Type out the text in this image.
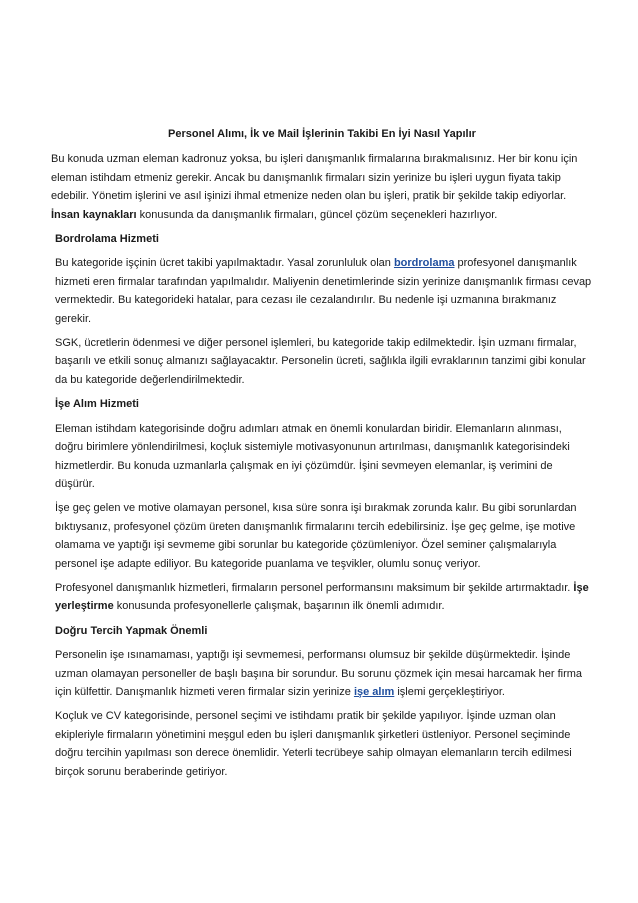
Personel Alımı, İk ve Mail İşlerinin Takibi En İyi Nasıl Yapılır

Bu konuda uzman eleman kadronuz yoksa, bu işleri danışmanlık firmalarına bırakmalısınız. Her bir konu için eleman istihdam etmeniz gerekir. Ancak bu danışmanlık firmaları sizin yerinize bu işleri uygun fiyata takip edebilir. Yönetim işlerini ve asıl işinizi ihmal etmenize neden olan bu işleri, pratik bir şekilde takip ediyorlar. İnsan kaynakları konusunda da danışmanlık firmaları, güncel çözüm seçenekleri hazırlıyor.

Bordrolama Hizmeti

Bu kategoride işçinin ücret takibi yapılmaktadır. Yasal zorunluluk olan bordrolama profesyonel danışmanlık hizmeti eren firmalar tarafından yapılmalıdır. Maliyenin denetimlerinde sizin yerinize danışmanlık firması cevap vermektedir. Bu kategorideki hatalar, para cezası ile cezalandırılır. Bu nedenle işi uzmanına bırakmanız gerekir.

SGK, ücretlerin ödenmesi ve diğer personel işlemleri, bu kategoride takip edilmektedir. İşin uzmanı firmalar, başarılı ve etkili sonuç almanızı sağlayacaktır. Personelin ücreti, sağlıkla ilgili evraklarının tanzimi gibi konular da bu kategoride değerlendirilmektedir.

İşe Alım Hizmeti

Eleman istihdam kategorisinde doğru adımları atmak en önemli konulardan biridir. Elemanların alınması, doğru birimlere yönlendirilmesi, koçluk sistemiyle motivasyonunun artırılması, danışmanlık kategorisindeki hizmetlerdir. Bu konuda uzmanlarla çalışmak en iyi çözümdür. İşini sevmeyen elemanlar, iş verimini de düşürür.

İşe geç gelen ve motive olamayan personel, kısa süre sonra işi bırakmak zorunda kalır. Bu gibi sorunlardan bıktıysanız, profesyonel çözüm üreten danışmanlık firmalarını tercih edebilirsiniz. İşe geç gelme, işe motive olamama ve yaptığı işi sevmeme gibi sorunlar bu kategoride çözümleniyor. Özel seminer çalışmalarıyla personel işe adapte ediliyor. Bu kategoride puanlama ve teşvikler, olumlu sonuç veriyor.

Profesyonel danışmanlık hizmetleri, firmaların personel performansını maksimum bir şekilde artırmaktadır. İşe yerleştirme konusunda profesyonellerle çalışmak, başarının ilk önemli adımıdır.

Doğru Tercih Yapmak Önemli

Personelin işe ısınamaması, yaptığı işi sevmemesi, performansı olumsuz bir şekilde düşürmektedir. İşinde uzman olamayan personeller de başlı başına bir sorundur. Bu sorunu çözmek için mesai harcamak her firma için külfettir. Danışmanlık hizmeti veren firmalar sizin yerinize işe alım işlemi gerçekleştiriyor.

Koçluk ve CV kategorisinde, personel seçimi ve istihdamı pratik bir şekilde yapılıyor. İşinde uzman olan ekipleriyle firmaların yönetimini meşgul eden bu işleri danışmanlık şirketleri üstleniyor. Personel seçiminde doğru tercihin yapılması son derece önemlidir. Yeterli tecrübeye sahip olmayan elemanların tercih edilmesi birçok sorunu beraberinde getiriyor.
